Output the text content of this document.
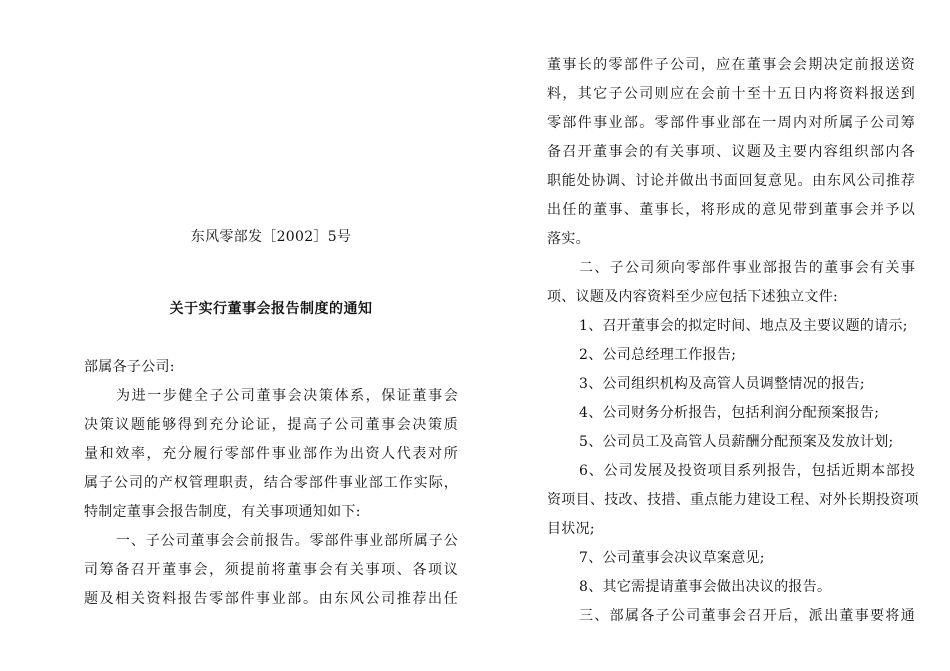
东风零部发［2002］5号
关于实行董事会报告制度的通知
部属各子公司:
为进一步健全子公司董事会决策体系，保证董事会
决策议题能够得到充分论证，提高子公司董事会决策质
量和效率，充分履行零部件事业部作为出资人代表对所
属子公司的产权管理职责，结合零部件事业部工作实际，
特制定董事会报告制度，有关事项通知如下:
一、子公司董事会会前报告。零部件事业部所属子公
司筹备召开董事会，须提前将董事会有关事项、各项议
题及相关资料报告零部件事业部。由东风公司推荐出任
董事长的零部件子公司，应在董事会会期决定前报送资
料，其它子公司则应在会前十至十五日内将资料报送到
零部件事业部。零部件事业部在一周内对所属子公司筹
备召开董事会的有关事项、议题及主要内容组织部内各
职能处协调、讨论并做出书面回复意见。由东风公司推荐
出任的董事、董事长，将形成的意见带到董事会并予以
落实。
二、子公司须向零部件事业部报告的董事会有关事
项、议题及内容资料至少应包括下述独立文件:
1、召开董事会的拟定时间、地点及主要议题的请示;
2、公司总经理工作报告;
3、公司组织机构及高管人员调整情况的报告;
4、公司财务分析报告，包括利润分配预案报告;
5、公司员工及高管人员薪酬分配预案及发放计划;
6、公司发展及投资项目系列报告，包括近期本部投
资项目、技改、技措、重点能力建设工程、对外长期投资项
目状况;
7、公司董事会决议草案意见;
8、其它需提请董事会做出决议的报告。
三、部属各子公司董事会召开后，派出董事要将通
